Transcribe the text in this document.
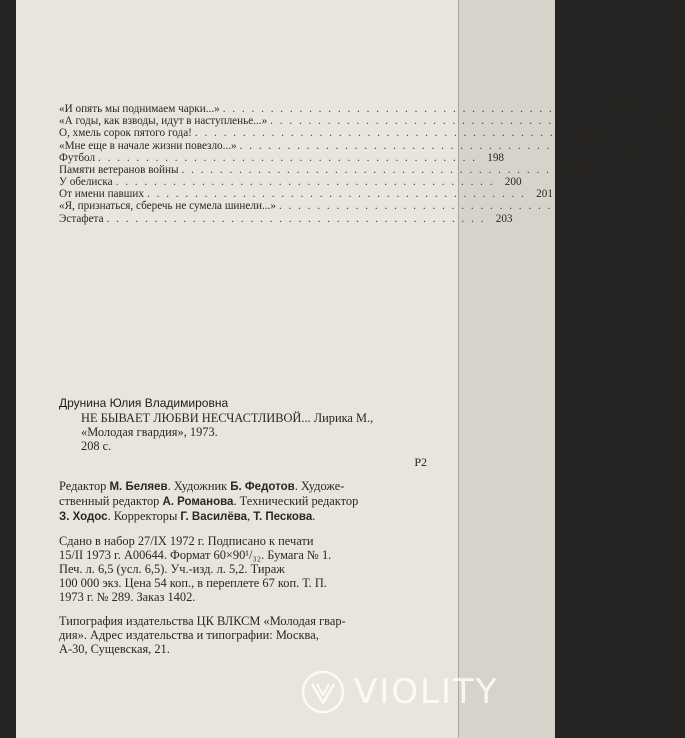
«И опять мы поднимаем чарки...» . . . . . . . . . . . . . . . . . . . . . . . . . . . . . . . . . . . . . . . . 193
«А годы, как взводы, идут в наступленье...» . . . . . . . . . . . . . . . . . . . . . . . . . . . . . . . . . . . . . . . . 194
О, хмель сорок пятого года! . . . . . . . . . . . . . . . . . . . . . . . . . . . . . . . . . . . . . . . . 195
«Мне еще в начале жизни повезло...» . . . . . . . . . . . . . . . . . . . . . . . . . . . . . . . . . . . . . . . . 197
Футбол . . . . . . . . . . . . . . . . . . . . . . . . . . . . . . . . . . . . . . . . 198
Памяти ветеранов войны . . . . . . . . . . . . . . . . . . . . . . . . . . . . . . . . . . . . . . . . 199
У обелиска . . . . . . . . . . . . . . . . . . . . . . . . . . . . . . . . . . . . . . . . 200
От имени павших . . . . . . . . . . . . . . . . . . . . . . . . . . . . . . . . . . . . . . . . 201
«Я, признаться, сберечь не сумела шинели...» . . . . . . . . . . . . . . . . . . . . . . . . . . . . . . . . . . . . . . . . 202
Эстафета . . . . . . . . . . . . . . . . . . . . . . . . . . . . . . . . . . . . . . . . 203
Друнина Юлия Владимировна
НЕ БЫВАЕТ ЛЮБВИ НЕСЧАСТЛИВОЙ... Лирика М.,
«Молодая гвардия», 1973.
208 с.
Р2
Редактор М. Беляев. Художник Б. Федотов. Художе-
ственный редактор А. Романова. Технический редактор
З. Ходос. Корректоры Г. Василёва, Т. Пескова.
Сдано в набор 27/IX 1972 г. Подписано к печати
15/II 1973 г. А00644. Формат 60×90¹/₃₂. Бумага № 1.
Печ. л. 6,5 (усл. 6,5). Уч.-изд. л. 5,2. Тираж
100 000 экз. Цена 54 коп., в переплете 67 коп. Т. П.
1973 г. № 289. Заказ 1402.
Типография издательства ЦК ВЛКСМ «Молодая гвар-
дия». Адрес издательства и типографии: Москва,
А-30, Сущевская, 21.
VIOLITY
